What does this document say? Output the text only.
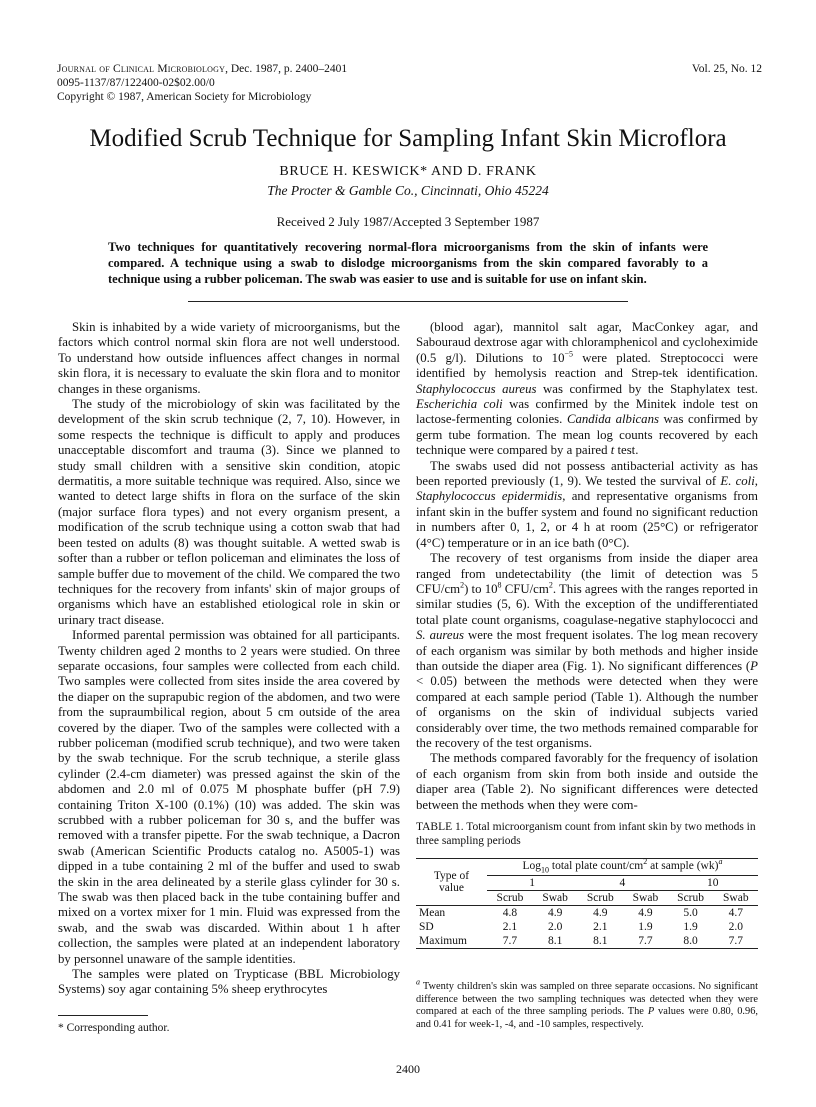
Journal of Clinical Microbiology, Dec. 1987, p. 2400–2401
0095-1137/87/122400-02$02.00/0
Copyright © 1987, American Society for Microbiology
Vol. 25, No. 12
Modified Scrub Technique for Sampling Infant Skin Microflora
BRUCE H. KESWICK* AND D. FRANK
The Procter & Gamble Co., Cincinnati, Ohio 45224
Received 2 July 1987/Accepted 3 September 1987
Two techniques for quantitatively recovering normal-flora microorganisms from the skin of infants were compared. A technique using a swab to dislodge microorganisms from the skin compared favorably to a technique using a rubber policeman. The swab was easier to use and is suitable for use on infant skin.

Skin is inhabited by a wide variety of microorganisms, but the factors which control normal skin flora are not well understood. To understand how outside influences affect changes in normal skin flora, it is necessary to evaluate the skin flora and to monitor changes in these organisms.

The study of the microbiology of skin was facilitated by the development of the skin scrub technique (2, 7, 10). However, in some respects the technique is difficult to apply and produces unacceptable discomfort and trauma (3). Since we planned to study small children with a sensitive skin condition, atopic dermatitis, a more suitable technique was required. Also, since we wanted to detect large shifts in flora on the surface of the skin (major surface flora types) and not every organism present, a modification of the scrub technique using a cotton swab that had been tested on adults (8) was thought suitable. A wetted swab is softer than a rubber or teflon policeman and eliminates the loss of sample buffer due to movement of the child. We compared the two techniques for the recovery from infants' skin of major groups of organisms which have an established etiological role in skin or urinary tract disease.

Informed parental permission was obtained for all participants. Twenty children aged 2 months to 2 years were studied. On three separate occasions, four samples were collected from each child. Two samples were collected from sites inside the area covered by the diaper on the suprapubic region of the abdomen, and two were from the supraumbilical region, about 5 cm outside of the area covered by the diaper. Two of the samples were collected with a rubber policeman (modified scrub technique), and two were taken by the swab technique. For the scrub technique, a sterile glass cylinder (2.4-cm diameter) was pressed against the skin of the abdomen and 2.0 ml of 0.075 M phosphate buffer (pH 7.9) containing Triton X-100 (0.1%) (10) was added. The skin was scrubbed with a rubber policeman for 30 s, and the buffer was removed with a transfer pipette. For the swab technique, a Dacron swab (American Scientific Products catalog no. A5005-1) was dipped in a tube containing 2 ml of the buffer and used to swab the skin in the area delineated by a sterile glass cylinder for 30 s. The swab was then placed back in the tube containing buffer and mixed on a vortex mixer for 1 min. Fluid was expressed from the swab, and the swab was discarded. Within about 1 h after collection, the samples were plated at an independent laboratory by personnel unaware of the sample identities.

The samples were plated on Trypticase (BBL Microbiology Systems) soy agar containing 5% sheep erythrocytes

(blood agar), mannitol salt agar, MacConkey agar, and Sabouraud dextrose agar with chloramphenicol and cycloheximide (0.5 g/l). Dilutions to $10^{-5}$ were plated. Streptococci were identified by hemolysis reaction and Strep-tek identification. Staphylococcus aureus was confirmed by the Staphylatex test. Escherichia coli was confirmed by the Minitek indole test on lactose-fermenting colonies. Candida albicans was confirmed by germ tube formation. The mean log counts recovered by each technique were compared by a paired t test.

The swabs used did not possess antibacterial activity as has been reported previously (1, 9). We tested the survival of E. coli, Staphylococcus epidermidis, and representative organisms from infant skin in the buffer system and found no significant reduction in numbers after 0, 1, 2, or 4 h at room (25°C) or refrigerator (4°C) temperature or in an ice bath (0°C).

The recovery of test organisms from inside the diaper area ranged from undetectability (the limit of detection was 5 CFU/$cm^2$) to $10^8$ CFU/$cm^2$. This agrees with the ranges reported in similar studies (5, 6). With the exception of the undifferentiated total plate count organisms, coagulase-negative staphylococci and S. aureus were the most frequent isolates. The log mean recovery of each organism was similar by both methods and higher inside than outside the diaper area (Fig. 1). No significant differences (P < 0.05) between the methods were detected when they were compared at each sample period (Table 1). Although the number of organisms on the skin of individual subjects varied considerably over time, the two methods remained comparable for the recovery of the test organisms.

The methods compared favorably for the frequency of isolation of each organism from skin from both inside and outside the diaper area (Table 2). No significant differences were detected between the methods when they were com-

TABLE 1. Total microorganism count from infant skin by two methods in three sampling periods
Type of
value	Log$_{10}$ total plate count/$cm^2$ at sample (wk)$^a$
	1		4		10	
	Scrub	Swab	Scrub	Swab	Scrub	Swab
Mean	4.8	4.9	4.9	4.9	5.0	4.7
SD	2.1	2.0	2.1	1.9	1.9	2.0
Maximum	7.7	8.1	8.1	7.7	8.0	7.7
$^a$ Twenty children's skin was sampled on three separate occasions. No significant difference between the two sampling techniques was detected when they were compared at each of the three sampling periods. The P values were 0.80, 0.96, and 0.41 for week-1, -4, and -10 samples, respectively.
* Corresponding author.
2400
